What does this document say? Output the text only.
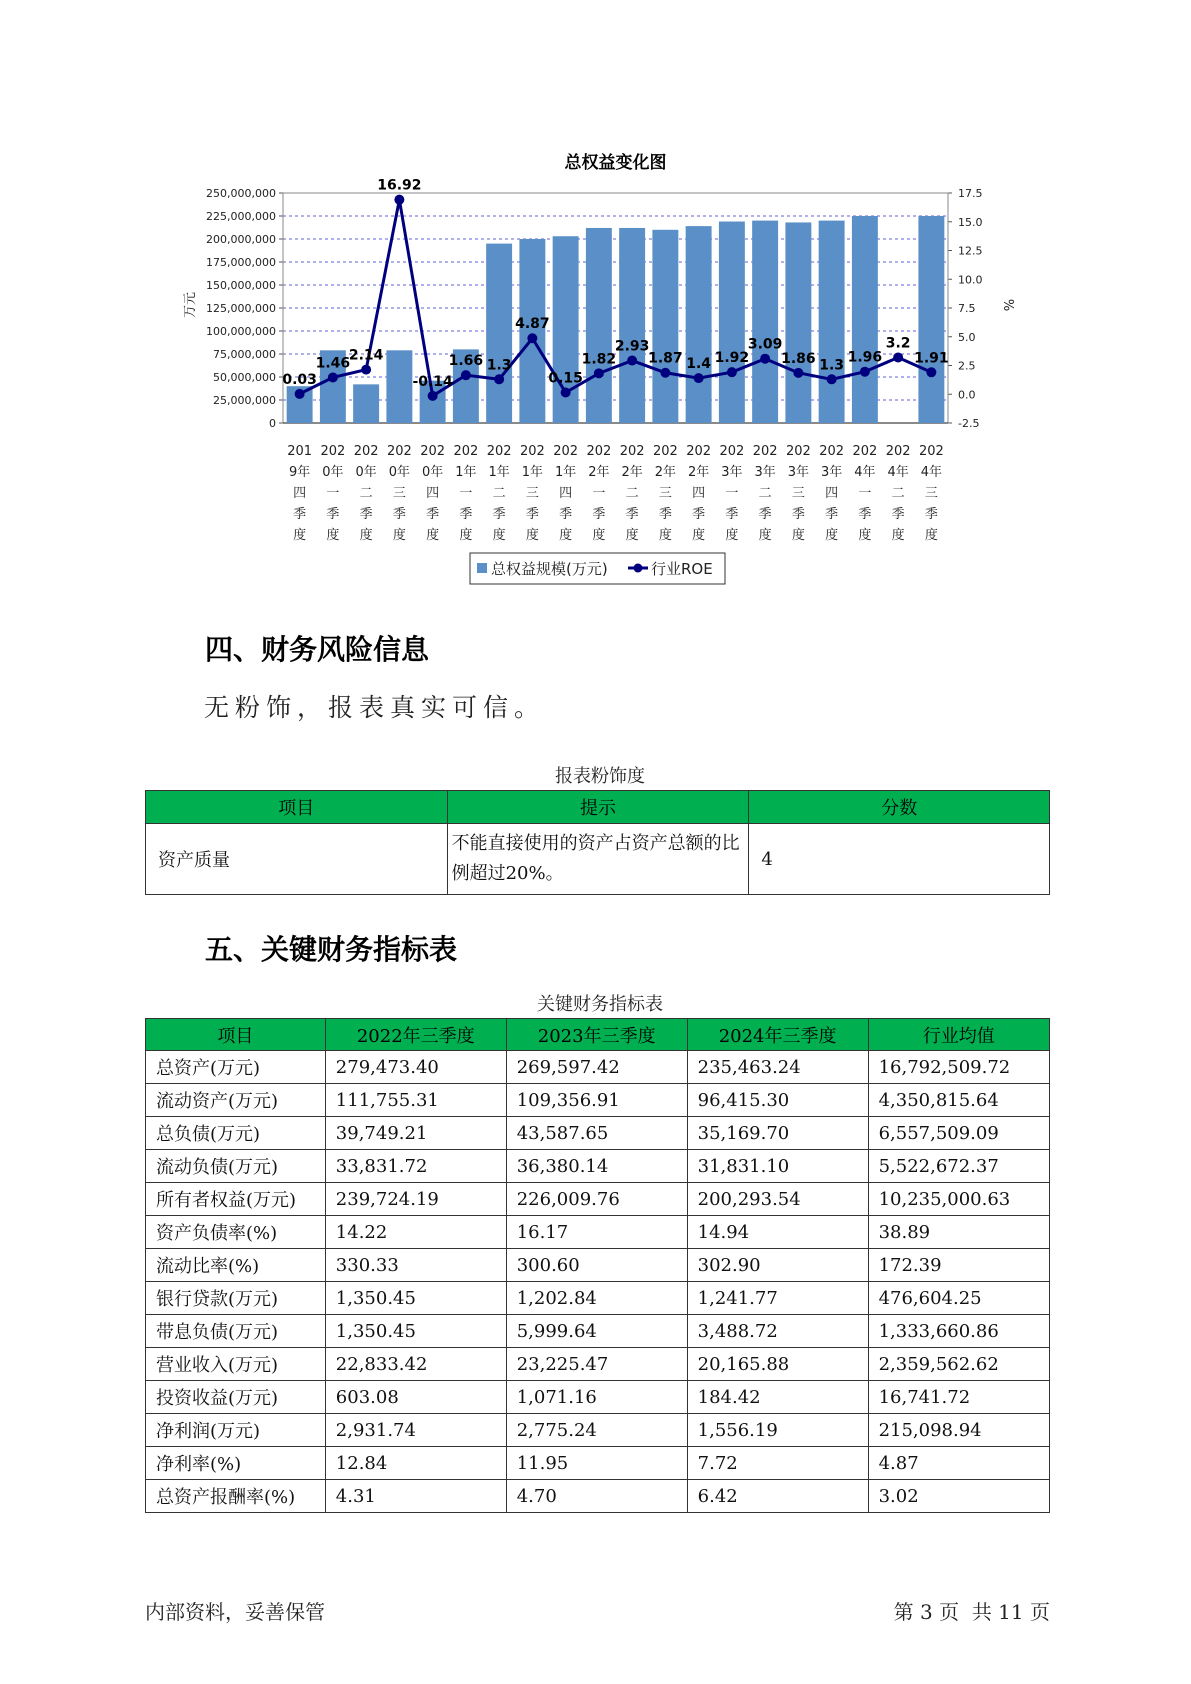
总权益变化图
0
25,000,000
50,000,000
75,000,000
100,000,000
125,000,000
150,000,000
175,000,000
200,000,000
225,000,000
250,000,000
-2.5
0.0
2.5
5.0
7.5
10.0
12.5
15.0
17.5
万元	%
201
9年
四
季
度
202
0年
一
季
度
202
0年
二
季
度
202
0年
三
季
度
202
0年
四
季
度
202
1年
一
季
度
202
1年
二
季
度
202
1年
三
季
度
202
1年
四
季
度
202
2年
一
季
度
202
2年
二
季
度
202
2年
三
季
度
202
2年
四
季
度
202
3年
一
季
度
202
3年
二
季
度
202
3年
三
季
度
202
3年
四
季
度
202
4年
一
季
度
202
4年
二
季
度
202
4年
三
季
度
0.03
1.46
2.14
16.92
-0.14
1.66 1.3
4.87
0.15
1.82
2.93
1.87 1.4 1.92
3.09
1.86 1.3 1.96
3.2
1.91
总权益规模(万元)	行业ROE
四、财务风险信息
无粉饰，报表真实可信。
报表粉饰度
项目	提示	分数
资产质量	不能直接使用的资产占资产总额的比例超过20%。	4
五、关键财务指标表
关键财务指标表
项目	2022年三季度	2023年三季度	2024年三季度	行业均值
总资产(万元)	279,473.40	269,597.42	235,463.24	16,792,509.72
流动资产(万元)	111,755.31	109,356.91	96,415.30	4,350,815.64
总负债(万元)	39,749.21	43,587.65	35,169.70	6,557,509.09
流动负债(万元)	33,831.72	36,380.14	31,831.10	5,522,672.37
所有者权益(万元)	239,724.19	226,009.76	200,293.54	10,235,000.63
资产负债率(%)	14.22	16.17	14.94	38.89
流动比率(%)	330.33	300.60	302.90	172.39
银行贷款(万元)	1,350.45	1,202.84	1,241.77	476,604.25
带息负债(万元)	1,350.45	5,999.64	3,488.72	1,333,660.86
营业收入(万元)	22,833.42	23,225.47	20,165.88	2,359,562.62
投资收益(万元)	603.08	1,071.16	184.42	16,741.72
净利润(万元)	2,931.74	2,775.24	1,556.19	215,098.94
净利率(%)	12.84	11.95	7.72	4.87
总资产报酬率(%)	4.31	4.70	6.42	3.02
内部资料，妥善保管	第 3 页  共 11 页
